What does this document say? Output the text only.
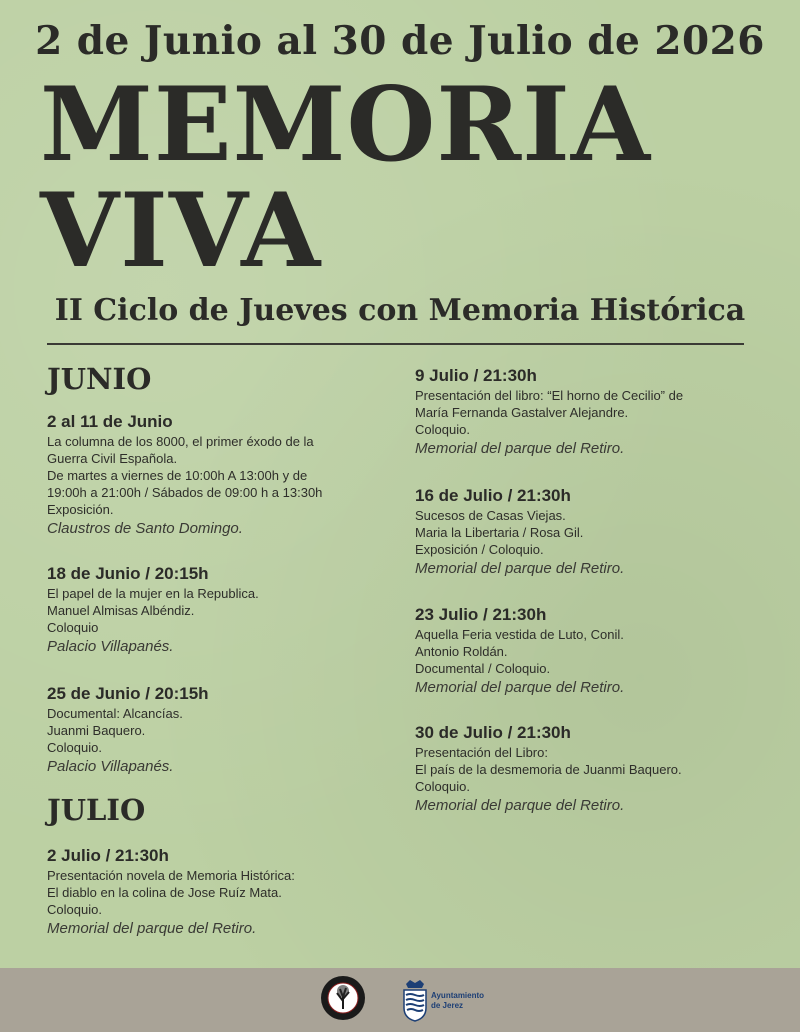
2 de Junio al 30 de Julio de 2026
MEMORIA
VIVA
II Ciclo de Jueves con Memoria Histórica
JUNIO
JULIO
2 al 11 de Junio
La columna de los 8000, el primer éxodo de la
Guerra Civil Española.
De martes a viernes de 10:00h A 13:00h y de
19:00h a 21:00h / Sábados de 09:00 h a 13:30h
Exposición.
Claustros de Santo Domingo.
18 de Junio / 20:15h
El papel de la mujer en la Republica.
Manuel Almisas Albéndiz.
Coloquio
Palacio Villapanés.
25 de Junio / 20:15h
Documental: Alcancías.
Juanmi Baquero.
Coloquio.
Palacio Villapanés.
2 Julio / 21:30h
Presentación novela de Memoria Histórica:
El diablo en la colina de Jose Ruíz Mata.
Coloquio.
Memorial del parque del Retiro.
9 Julio / 21:30h
Presentación del libro: “El horno de Cecilio” de
María Fernanda Gastalver Alejandre.
Coloquio.
Memorial del parque del Retiro.
16 de Julio / 21:30h
Sucesos de Casas Viejas.
Maria la Libertaria / Rosa Gil.
Exposición / Coloquio.
Memorial del parque del Retiro.
23 Julio / 21:30h
Aquella Feria vestida de Luto, Conil.
Antonio Roldán.
Documental / Coloquio.
Memorial del parque del Retiro.
30 de Julio / 21:30h
Presentación del Libro:
El país de la desmemoria de Juanmi Baquero.
Coloquio.
Memorial del parque del Retiro.
Ayuntamiento
de Jerez
